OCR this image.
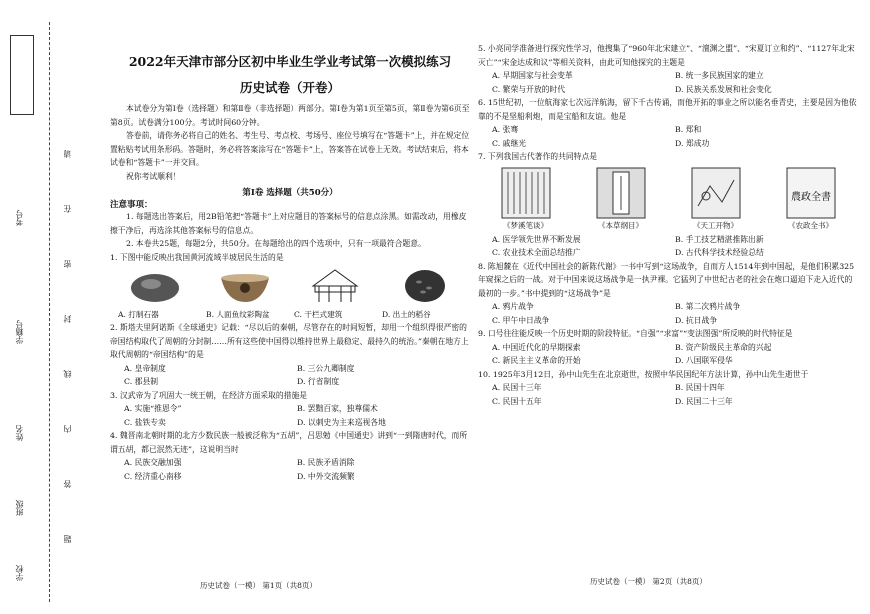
考号
学籍号
姓名
班级
学校
请
在
密
封
线
内
答
题
2022年天津市部分区初中毕业生学业考试第一次模拟练习
历史试卷（开卷）

本试卷分为第Ⅰ卷（选择题）和第Ⅱ卷（非选择题）两部分。第Ⅰ卷为第1页至第5页，第Ⅱ卷为第6页至第8页。试卷满分100分。考试时间60分钟。

答卷前，请你务必将自己的姓名、考生号、考点校、考场号、座位号填写在“答题卡”上，并在规定位置粘贴考试用条形码。答题时，务必将答案涂写在“答题卡”上，答案答在试卷上无效。考试结束后，将本试卷和“答题卡”一并交回。

祝你考试顺利！

第Ⅰ卷 选择题（共50分）

注意事项：

1. 每题选出答案后，用2B铅笔把“答题卡”上对应题目的答案标号的信息点涂黑。如需改动，用橡皮擦干净后，再选涂其他答案标号的信息点。

2. 本卷共25题，每题2分，共50分。在每题给出的四个选项中，只有一项最符合题意。

1. 下图中能反映出我国黄河流域半坡居民生活的是

A. 打制石器	B. 人面鱼纹彩陶盆	C. 干栏式建筑	D. 出土的稻谷

2. 斯塔夫里阿诺斯《全球通史》记载：“尽以后的秦朝，尽管存在的时间短暂，却用一个组织得很严密的帝国结构取代了周朝的分封制……所有这些使中国得以维持世界上最稳定、最持久的统治。”秦朝在地方上取代周朝的“帝国结构”的是

A. 皇帝制度	B. 三公九卿制度
C. 郡县制	D. 行省制度

3. 汉武帝为了巩固大一统王朝，在经济方面采取的措施是

A. 实施“推恩令”	B. 罢黜百家，独尊儒术
C. 盐铁专卖	D. 以刺史为主来巡视各地

4. 魏晋南北朝时期的北方少数民族一般被泛称为“五胡”，吕思勉《中国通史》讲到“一到隋唐时代，而所谓五胡，都已泯然无迹”，这说明当时

A. 民族交融加强	B. 民族矛盾消除
C. 经济重心南移	D. 中外交流频繁
历史试卷（一模） 第1页（共8页）

5. 小亮同学准备进行探究性学习，他搜集了“960年北宋建立”、“澶渊之盟”、“宋夏订立和约”、“1127年北宋灭亡”“宋金达成和议”等相关资料，由此可知他探究的主题是

A. 早期国家与社会变革	B. 统一多民族国家的建立
C. 繁荣与开放的时代	D. 民族关系发展和社会变化

6. 15世纪初，一位航海家七次远洋航海，留下千古传诵，而他开拓的事业之所以能名垂青史，主要是因为他依靠的不是坚船利炮，而是宝船和友谊。他是

A. 张骞	B. 郑和
C. 戚继光	D. 郑成功

7. 下列我国古代著作的共同特点是

《梦溪笔谈》	《本草纲目》	《天工开物》
農政全書
《农政全书》
A. 医学领先世界不断发展	B. 手工技艺精湛推陈出新
C. 农业技术全面总结推广	D. 古代科学技术经验总结

8. 陈旭麓在《近代中国社会的新陈代谢》一书中写到“这场战争，自而方人1514年到中国起，是他们积累325年窥探之后的一战。对于中国来说这场战争是一执尹裸。它猛列了中世纪古老的社会在炮口逼迫下走入近代的最初的一步。”书中提到的“这场战争”是

A. 鸦片战争	B. 第二次鸦片战争
C. 甲午中日战争	D. 抗日战争

9. 口号往往能反映一个历史时期的阶段特征。“自强”“求富”“变法图强”所反映的时代特征是

A. 中国近代化的早期探索	B. 资产阶级民主革命的兴起
C. 新民主主义革命的开始	D. 八国联军侵华

10. 1925年3月12日，孙中山先生在北京逝世，按照中华民国纪年方法计算，孙中山先生逝世于

A. 民国十三年	B. 民国十四年
C. 民国十五年	D. 民国二十三年
历史试卷（一模） 第2页（共8页）
